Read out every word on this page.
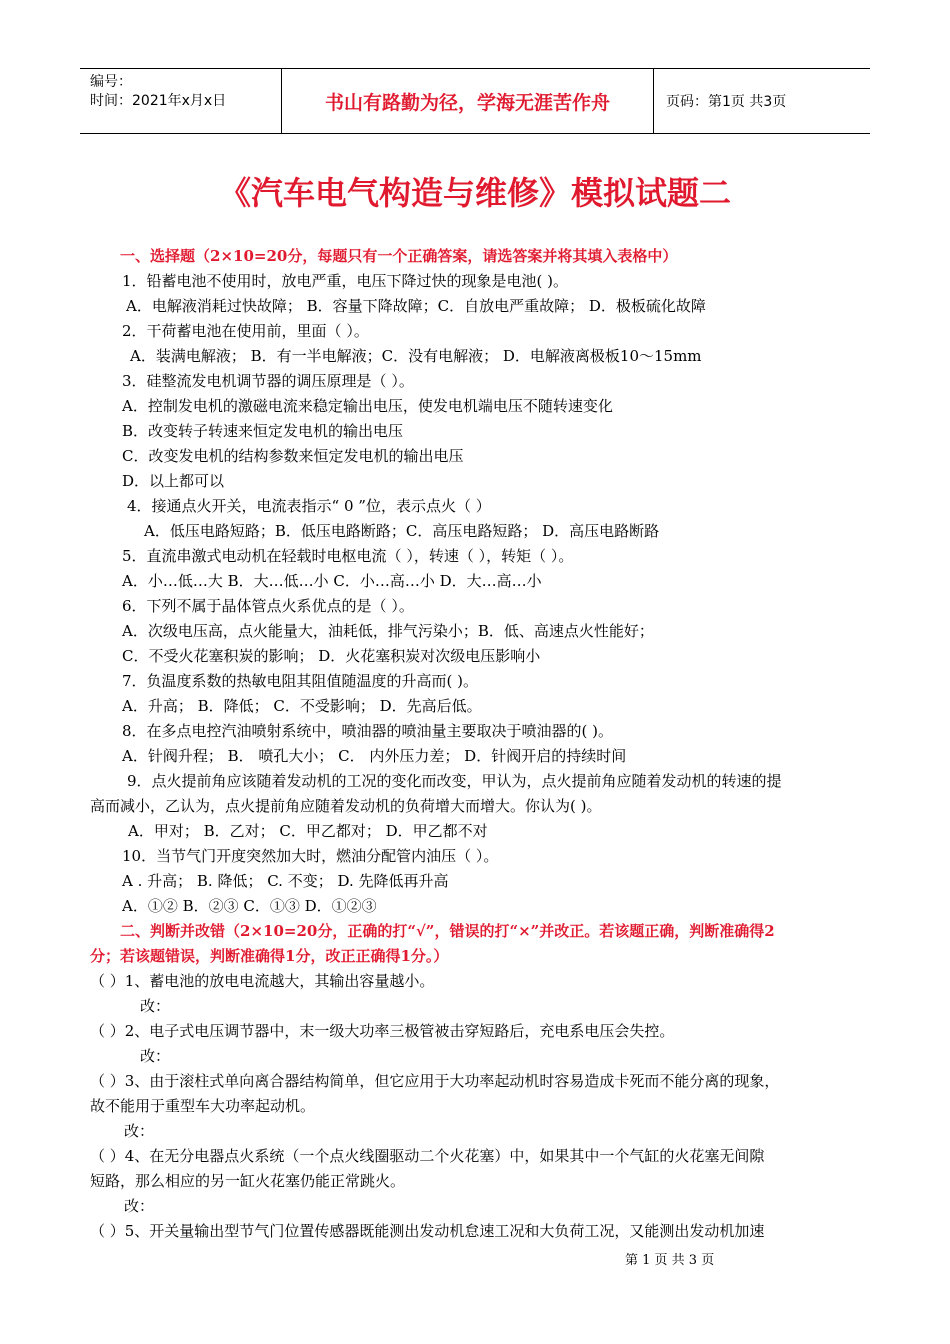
编号：
时间：2021年x月x日	书山有路勤为径，学海无涯苦作舟	页码：第1页 共3页
《汽车电气构造与维修》模拟试题二
一、选择题（2×10=20分，每题只有一个正确答案，请选答案并将其填入表格中）
1．铅蓄电池不使用时，放电严重，电压下降过快的现象是电池( )。
A．电解液消耗过快故障； B．容量下降故障；C．自放电严重故障； D．极板硫化故障
2．干荷蓄电池在使用前，里面（ ）。
A．装满电解液； B．有一半电解液；C．没有电解液； D．电解液离极板10～15mm
3．硅整流发电机调节器的调压原理是（ ）。
A．控制发电机的激磁电流来稳定输出电压，使发电机端电压不随转速变化
B．改变转子转速来恒定发电机的输出电压
C．改变发电机的结构参数来恒定发电机的输出电压
D．以上都可以
4．接通点火开关，电流表指示“ 0 ”位，表示点火（ ）
A．低压电路短路；B．低压电路断路；C．高压电路短路； D．高压电路断路
5．直流串激式电动机在轻载时电枢电流（ ），转速（ ），转矩（ ）。
A．小…低…大 B．大…低…小 C．小…高…小 D．大…高…小
6．下列不属于晶体管点火系优点的是（ ）。
A．次级电压高，点火能量大，油耗低，排气污染小；B．低、高速点火性能好；
C．不受火花塞积炭的影响； D．火花塞积炭对次级电压影响小
7．负温度系数的热敏电阻其阻值随温度的升高而( )。
A．升高； B．降低； C．不受影响； D．先高后低。
8．在多点电控汽油喷射系统中，喷油器的喷油量主要取决于喷油器的( )。
A．针阀升程； B． 喷孔大小； C． 内外压力差； D．针阀开启的持续时间
9．点火提前角应该随着发动机的工况的变化而改变，甲认为，点火提前角应随着发动机的转速的提
高而减小，乙认为，点火提前角应随着发动机的负荷增大而增大。你认为( )。
A．甲对； B．乙对； C．甲乙都对； D．甲乙都不对
10．当节气门开度突然加大时，燃油分配管内油压（ ）。
A . 升高； B. 降低； C. 不变； D. 先降低再升高
A．①② B．②③ C．①③ D．①②③
二、判断并改错（2×10=20分，正确的打“√”，错误的打“×”并改正。若该题正确，判断准确得2
分；若该题错误，判断准确得1分，改正正确得1分。）
（ ）1、蓄电池的放电电流越大，其输出容量越小。
改：
（ ）2、电子式电压调节器中，末一级大功率三极管被击穿短路后，充电系电压会失控。
改：
（ ）3、由于滚柱式单向离合器结构简单，但它应用于大功率起动机时容易造成卡死而不能分离的现象，
故不能用于重型车大功率起动机。
改：
（ ）4、在无分电器点火系统（一个点火线圈驱动二个火花塞）中，如果其中一个气缸的火花塞无间隙
短路，那么相应的另一缸火花塞仍能正常跳火。
改：
（ ）5、开关量输出型节气门位置传感器既能测出发动机怠速工况和大负荷工况，又能测出发动机加速
第 1 页 共 3 页
